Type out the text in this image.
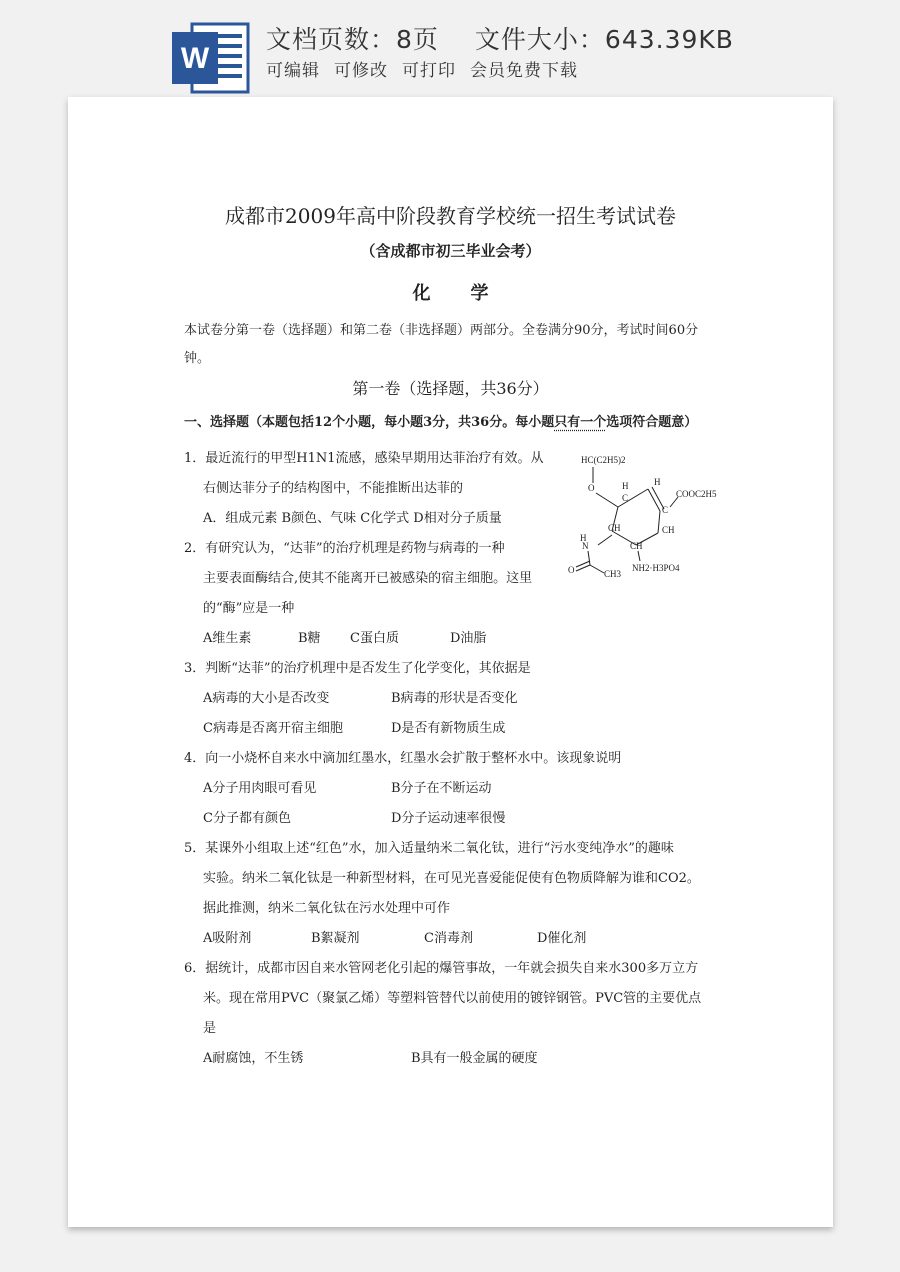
W
文档页数：8页 文件大小：643.39KB
可编辑 可修改 可打印 会员免费下载
成都市2009年高中阶段教育学校统一招生考试试卷
（含成都市初三毕业会考）
化学
本试卷分第一卷（选择题）和第二卷（非选择题）两部分。全卷满分90分，考试时间60分
钟。
第一卷（选择题，共36分）
一、选择题（本题包括12个小题，每小题3分，共36分。每小题只有一个选项符合题意）
HC(C2H5)2
O	H
C
H
C
COOC2H5
CH
CH
CH
N
H
O	CH3
NH2·H3PO4
1．最近流行的甲型H1N1流感，感染早期用达菲治疗有效。从
右侧达菲分子的结构图中，不能推断出达菲的
A．组成元素 B颜色、气味 C化学式 D相对分子质量
2．有研究认为，“达菲”的治疗机理是药物与病毒的一种
主要表面酶结合,使其不能离开已被感染的宿主细胞。这里
的“酶”应是一种
A维生素	B糖 C蛋白质	D油脂
3．判断“达菲”的治疗机理中是否发生了化学变化，其依据是
A病毒的大小是否改变	B病毒的形状是否变化
C病毒是否离开宿主细胞	D是否有新物质生成
4．向一小烧杯自来水中滴加红墨水，红墨水会扩散于整杯水中。该现象说明
A分子用肉眼可看见	B分子在不断运动
C分子都有颜色	D分子运动速率很慢
5．某课外小组取上述“红色”水，加入适量纳米二氧化钛，进行“污水变纯净水”的趣味
实验。纳米二氧化钛是一种新型材料，在可见光喜爱能促使有色物质降解为谁和CO2。
据此推测，纳米二氧化钛在污水处理中可作
A吸附剂	B絮凝剂	C消毒剂	D催化剂
6．据统计，成都市因自来水管网老化引起的爆管事故，一年就会损失自来水300多万立方
米。现在常用PVC（聚氯乙烯）等塑料管替代以前使用的镀锌钢管。PVC管的主要优点
是
A耐腐蚀，不生锈	B具有一般金属的硬度
